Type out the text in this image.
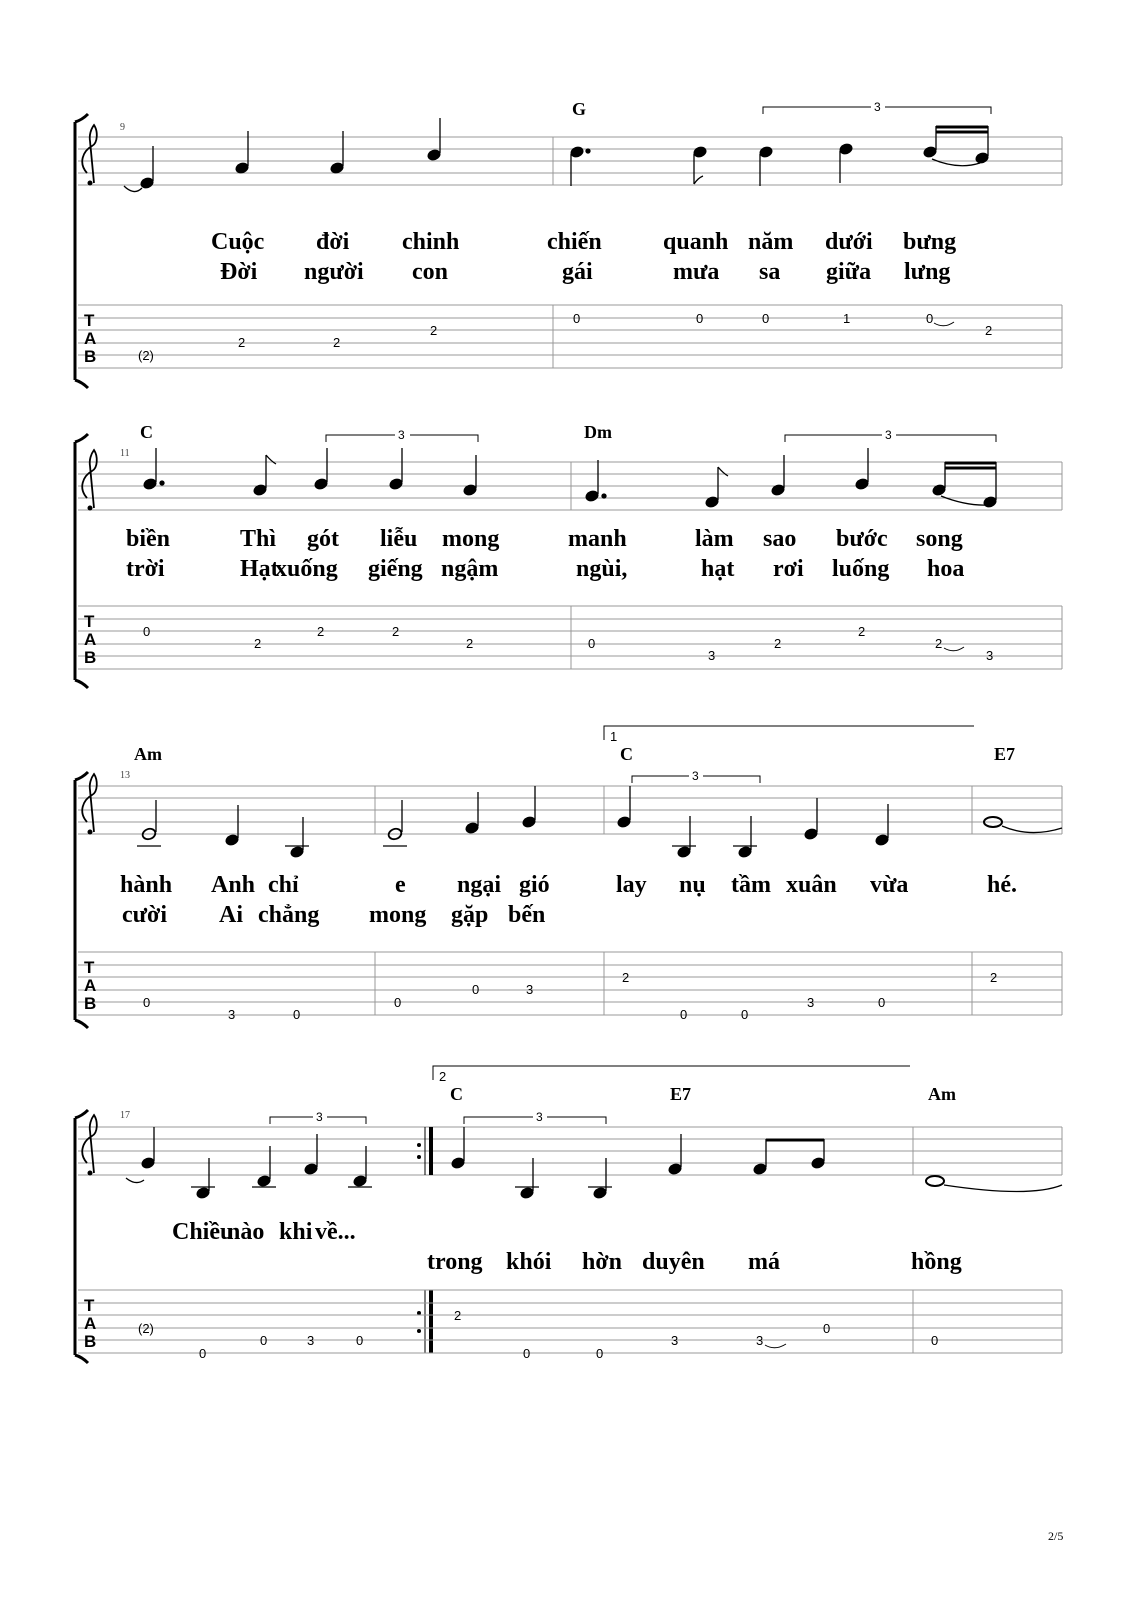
9
G	3
Cuộc đời chinh	chiến	quanh năm dưới bưng
Đời người con	gái	mưa sa giữa lưng
T
A
B	(2)
2	2
2
0	0	0	1	0
2
11
C	Dm
3	3
biền	Thì gót liễu mong	manh	làm sao bước song
trời	Hạt
xuống giếng ngậm	ngùi,	hạt rơi luống hoa
T
A
B
0
2
2	2
2	0
3
2
2
2
3
13
Am	C	E7
1
3
hành Anh chỉ	e ngại gió	lay nụ tầm xuân vừa	hé.
cười Ai chẳng mong gặp bến
T
A
B	0
3	0
0
0	3
2
0	0
3	0
2
17
C	E7	Am
2
3	3
Chiều
nào khi về...
trong khói hờn duyên má	hồng
T
A
B
(2)
0
0	3	0
2
0	0
3	3
0
0
2/5
